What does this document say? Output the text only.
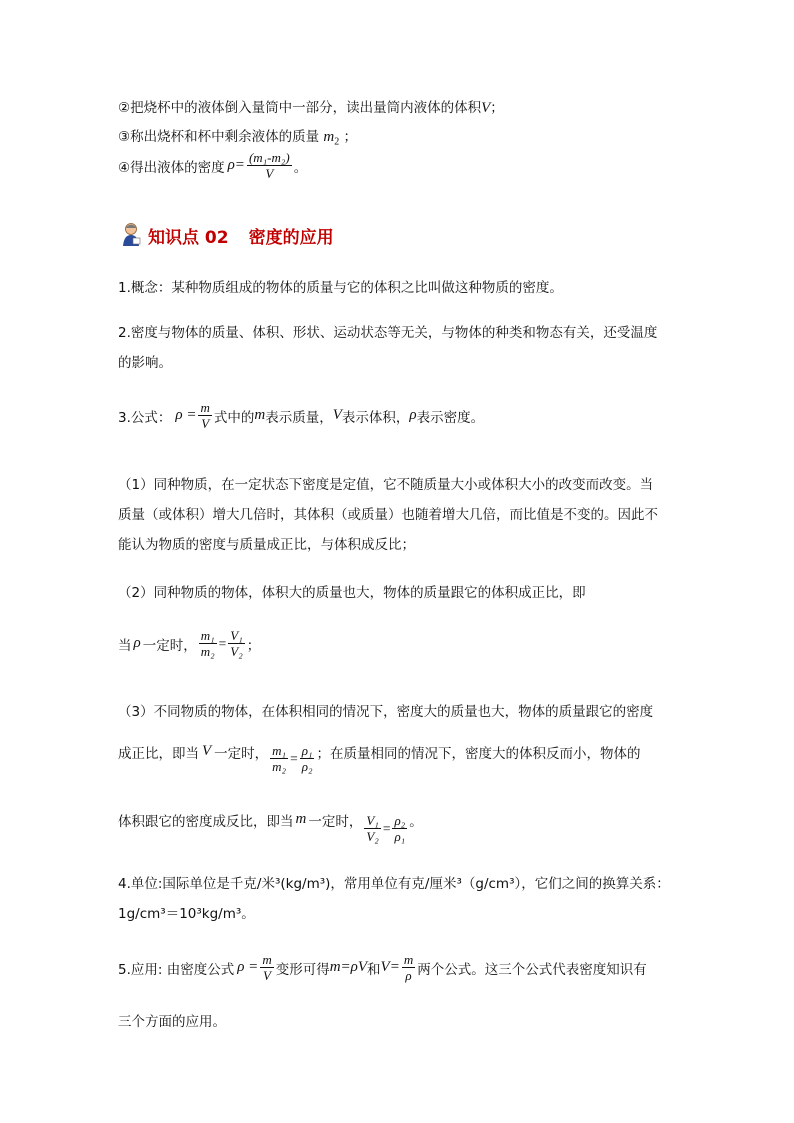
②把烧杯中的液体倒入量筒中一部分，读出量筒内液体的体积V；
③称出烧杯和杯中剩余液体的质量 $m_2$ ；
④得出液体的密度 $\rho= \frac{\text{(m₁-m₂)}}{V}$ 。
知识点 02 密度的应用
1.概念：某种物质组成的物体的质量与它的体积之比叫做这种物质的密度。
2.密度与物体的质量、体积、形状、运动状态等无关，与物体的种类和物态有关，还受温度
的影响。
3.公式： $\rho = \frac{m}{V}$ 式中的 m 表示质量， V 表示体积， ρ 表示密度。
（1）同种物质，在一定状态下密度是定值，它不随质量大小或体积大小的改变而改变。当
质量（或体积）增大几倍时，其体积（或质量）也随着增大几倍，而比值是不变的。因此不
能认为物质的密度与质量成正比，与体积成反比；
（2）同种物质的物体，体积大的质量也大，物体的质量跟它的体积成正比，即
当 ρ 一定时， $\frac{\text{m₁}}{\text{m₂}} = \frac{\text{V₁}}{\text{V₂}}$ ；
（3）不同物质的物体，在体积相同的情况下，密度大的质量也大，物体的质量跟它的密度
成正比，即当 V 一定时， $\frac{\text{m₁}}{\text{m₂}} = \frac{\text{ρ₁}}{\text{ρ₂}}$ ；在质量相同的情况下，密度大的体积反而小，物体的
体积跟它的密度成反比，即当 m 一定时， $\frac{\text{V₁}}{\text{V₂}} = \frac{\text{ρ₂}}{\text{ρ₁}}$ 。
4.单位:国际单位是千克/米³(kg/m³)，常用单位有克/厘米³（g/cm³），它们之间的换算关系：
1g/cm³＝10³kg/m³。
5.应用: 由密度公式 $\rho = \frac{m}{V}$ 变形可得 m=ρV 和 $V= \frac{m}{\rho}$ 两个公式。这三个公式代表密度知识有
三个方面的应用。
